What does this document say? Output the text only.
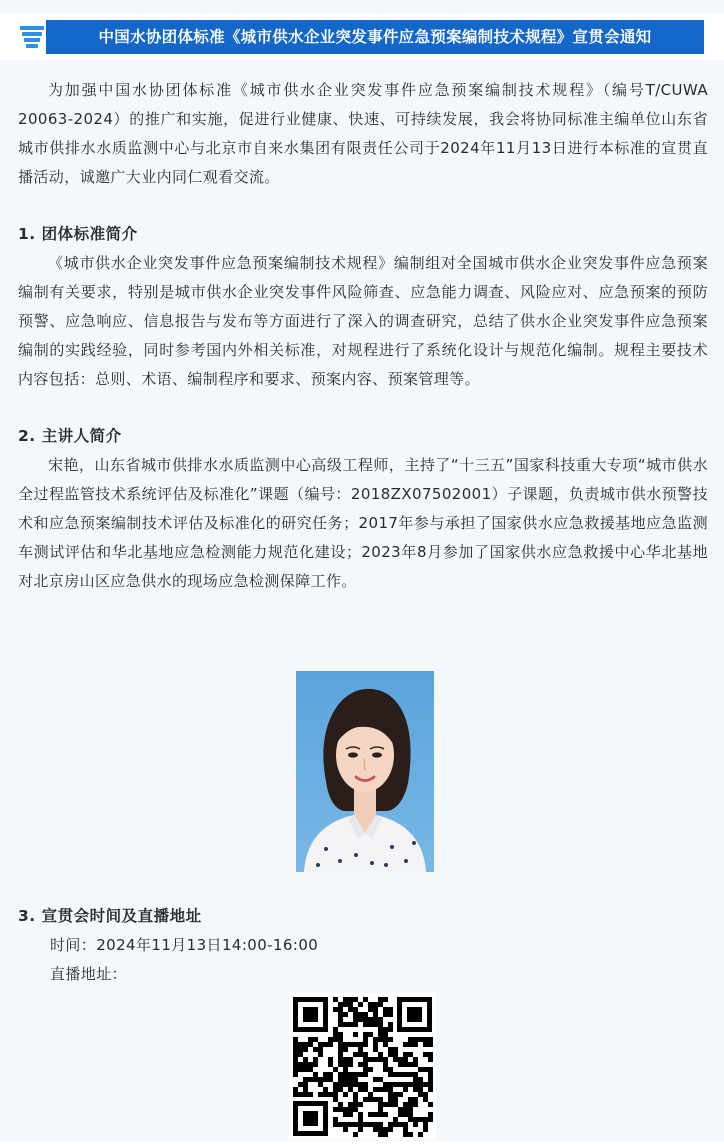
中国水协团体标准《城市供水企业突发事件应急预案编制技术规程》宣贯会通知

为加强中国水协团体标准《城市供水企业突发事件应急预案编制技术规程》（编号T/CUWA 20063-2024）的推广和实施，促进行业健康、快速、可持续发展，我会将协同标准主编单位山东省城市供排水水质监测中心与北京市自来水集团有限责任公司于2024年11月13日进行本标准的宣贯直播活动，诚邀广大业内同仁观看交流。

1. 团体标准简介

《城市供水企业突发事件应急预案编制技术规程》编制组对全国城市供水企业突发事件应急预案编制有关要求，特别是城市供水企业突发事件风险筛查、应急能力调查、风险应对、应急预案的预防预警、应急响应、信息报告与发布等方面进行了深入的调查研究，总结了供水企业突发事件应急预案编制的实践经验，同时参考国内外相关标准，对规程进行了系统化设计与规范化编制。规程主要技术内容包括：总则、术语、编制程序和要求、预案内容、预案管理等。

2. 主讲人简介

宋艳，山东省城市供排水水质监测中心高级工程师，主持了“十三五”国家科技重大专项“城市供水全过程监管技术系统评估及标准化”课题（编号：2018ZX07502001）子课题，负责城市供水预警技术和应急预案编制技术评估及标准化的研究任务；2017年参与承担了国家供水应急救援基地应急监测车测试评估和华北基地应急检测能力规范化建设；2023年8月参加了国家供水应急救援中心华北基地对北京房山区应急供水的现场应急检测保障工作。

3. 宣贯会时间及直播地址

时间：2024年11月13日14:00-16:00

直播地址：
